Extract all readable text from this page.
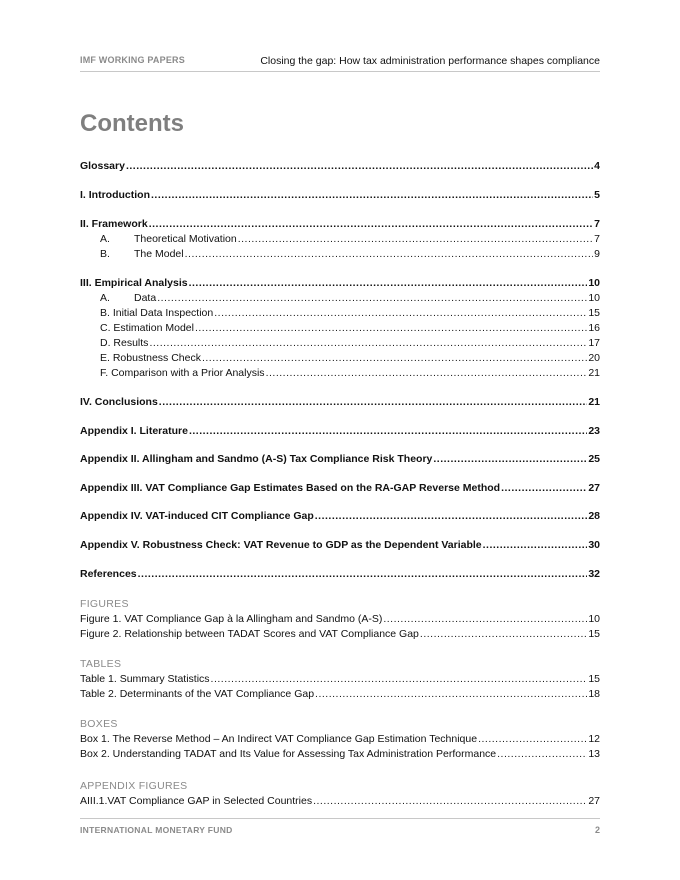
IMF WORKING PAPERS	Closing the gap: How tax administration performance shapes compliance
Contents
Glossary .....	4
I. Introduction .....	5
II. Framework .....	7
A.	Theoretical Motivation .....	7
B.	The Model .....	9
III. Empirical Analysis .....	10
A.	Data .....	10
B. Initial Data Inspection .....	15
C. Estimation Model .....	16
D. Results .....	17
E. Robustness Check .....	20
F. Comparison with a Prior Analysis .....	21
IV. Conclusions .....	21
Appendix I. Literature .....	23
Appendix II. Allingham and Sandmo (A-S) Tax Compliance Risk Theory .....	25
Appendix III. VAT Compliance Gap Estimates Based on the RA-GAP Reverse Method .....	27
Appendix IV. VAT-induced CIT Compliance Gap .....	28
Appendix V. Robustness Check: VAT Revenue to GDP as the Dependent Variable .....	30
References .....	32
FIGURES
Figure 1. VAT Compliance Gap à la Allingham and Sandmo (A-S) .....	10
Figure 2. Relationship between TADAT Scores and VAT Compliance Gap .....	15
TABLES
Table 1. Summary Statistics .....	15
Table 2. Determinants of the VAT Compliance Gap .....	18
BOXES
Box 1. The Reverse Method – An Indirect VAT Compliance Gap Estimation Technique .....	12
Box 2. Understanding TADAT and Its Value for Assessing Tax Administration Performance .....	13
APPENDIX FIGURES
AIII.1.VAT Compliance GAP in Selected Countries .....	27
INTERNATIONAL MONETARY FUND	2
